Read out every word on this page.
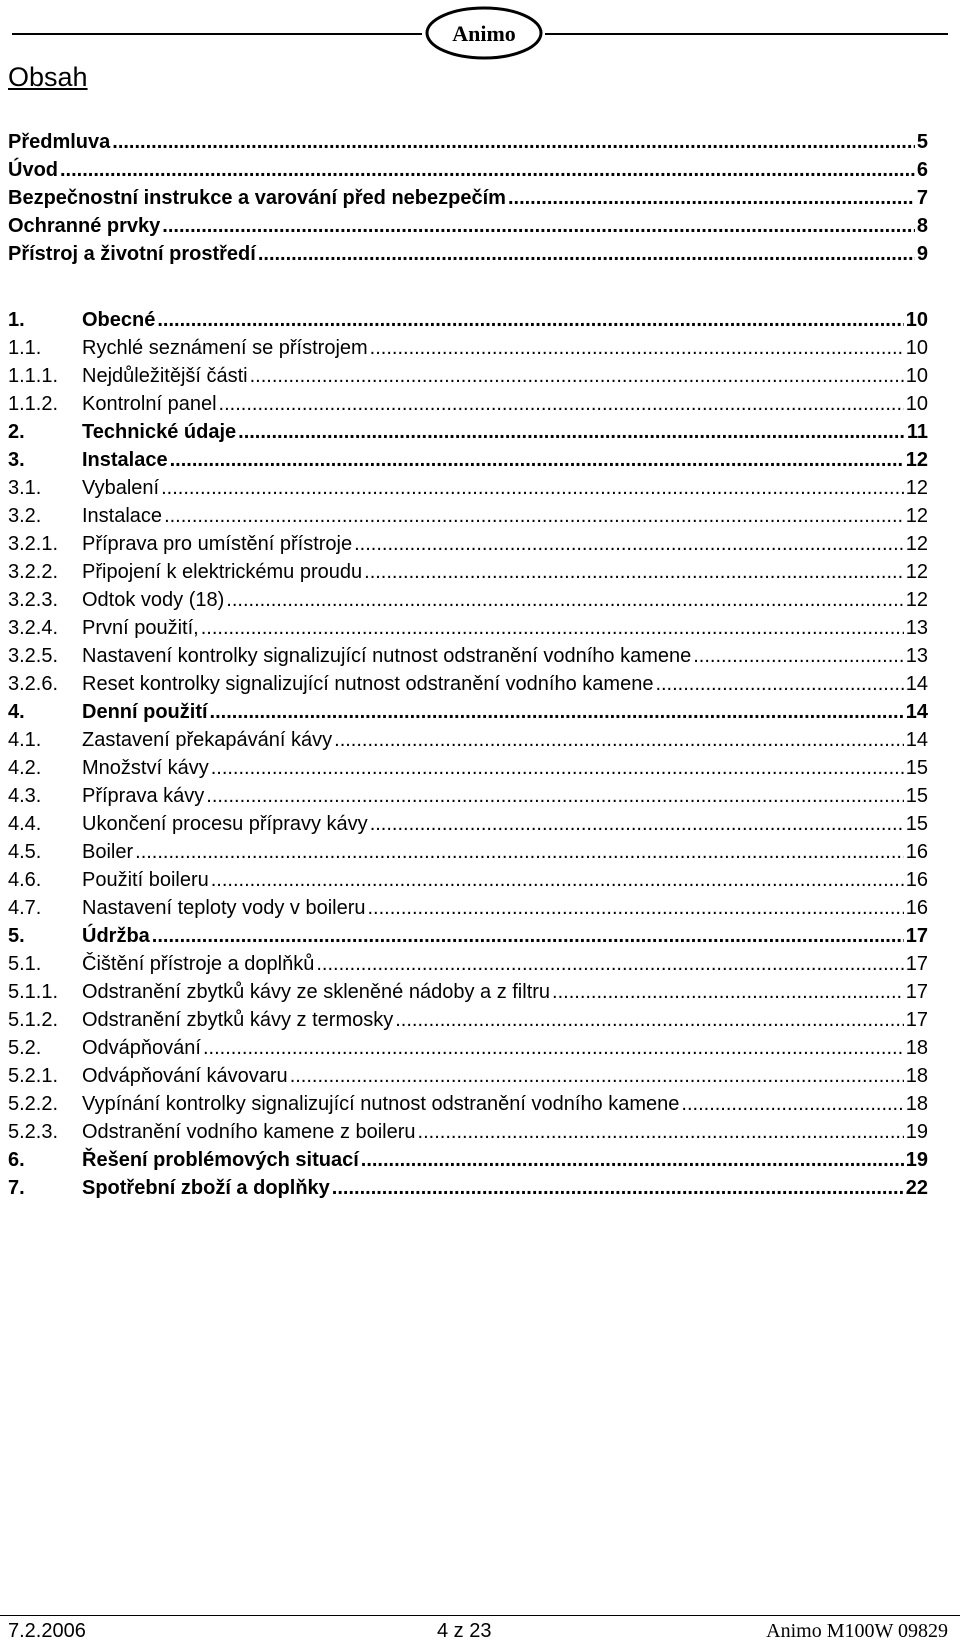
Animo
Obsah
Předmluva .....	5
Úvod .....	6
Bezpečnostní instrukce a varování před nebezpečím .....	7
Ochranné prvky .....	8
Přístroj a životní prostředí .....	9
1.	Obecné .....	10
1.1.	Rychlé seznámení se přístrojem .....	10
1.1.1.	Nejdůležitější části .....	10
1.1.2.	Kontrolní panel .....	10
2.	Technické údaje .....	11
3.	Instalace .....	12
3.1.	Vybalení .....	12
3.2.	Instalace .....	12
3.2.1.	Příprava pro umístění přístroje .....	12
3.2.2.	Připojení k elektrickému proudu .....	12
3.2.3.	Odtok vody (18) .....	12
3.2.4.	První použití, .....	13
3.2.5.	Nastavení kontrolky signalizující nutnost odstranění vodního kamene .....	13
3.2.6.	Reset kontrolky signalizující nutnost odstranění vodního kamene .....	14
4.	Denní použití .....	14
4.1.	Zastavení překapávání kávy .....	14
4.2.	Množství kávy .....	15
4.3.	Příprava kávy .....	15
4.4.	Ukončení procesu přípravy kávy .....	15
4.5.	Boiler .....	16
4.6.	Použití boileru .....	16
4.7.	Nastavení teploty vody v boileru .....	16
5.	Údržba .....	17
5.1.	Čištění přístroje a doplňků .....	17
5.1.1.	Odstranění zbytků kávy ze skleněné nádoby a z filtru .....	17
5.1.2.	Odstranění zbytků kávy z termosky .....	17
5.2.	Odvápňování .....	18
5.2.1.	Odvápňování kávovaru .....	18
5.2.2.	Vypínání kontrolky signalizující nutnost odstranění vodního kamene .....	18
5.2.3.	Odstranění vodního kamene z boileru .....	19
6.	Řešení problémových situací .....	19
7.	Spotřební zboží a doplňky .....	22
7.2.2006	4 z 23	Animo M100W 09829
